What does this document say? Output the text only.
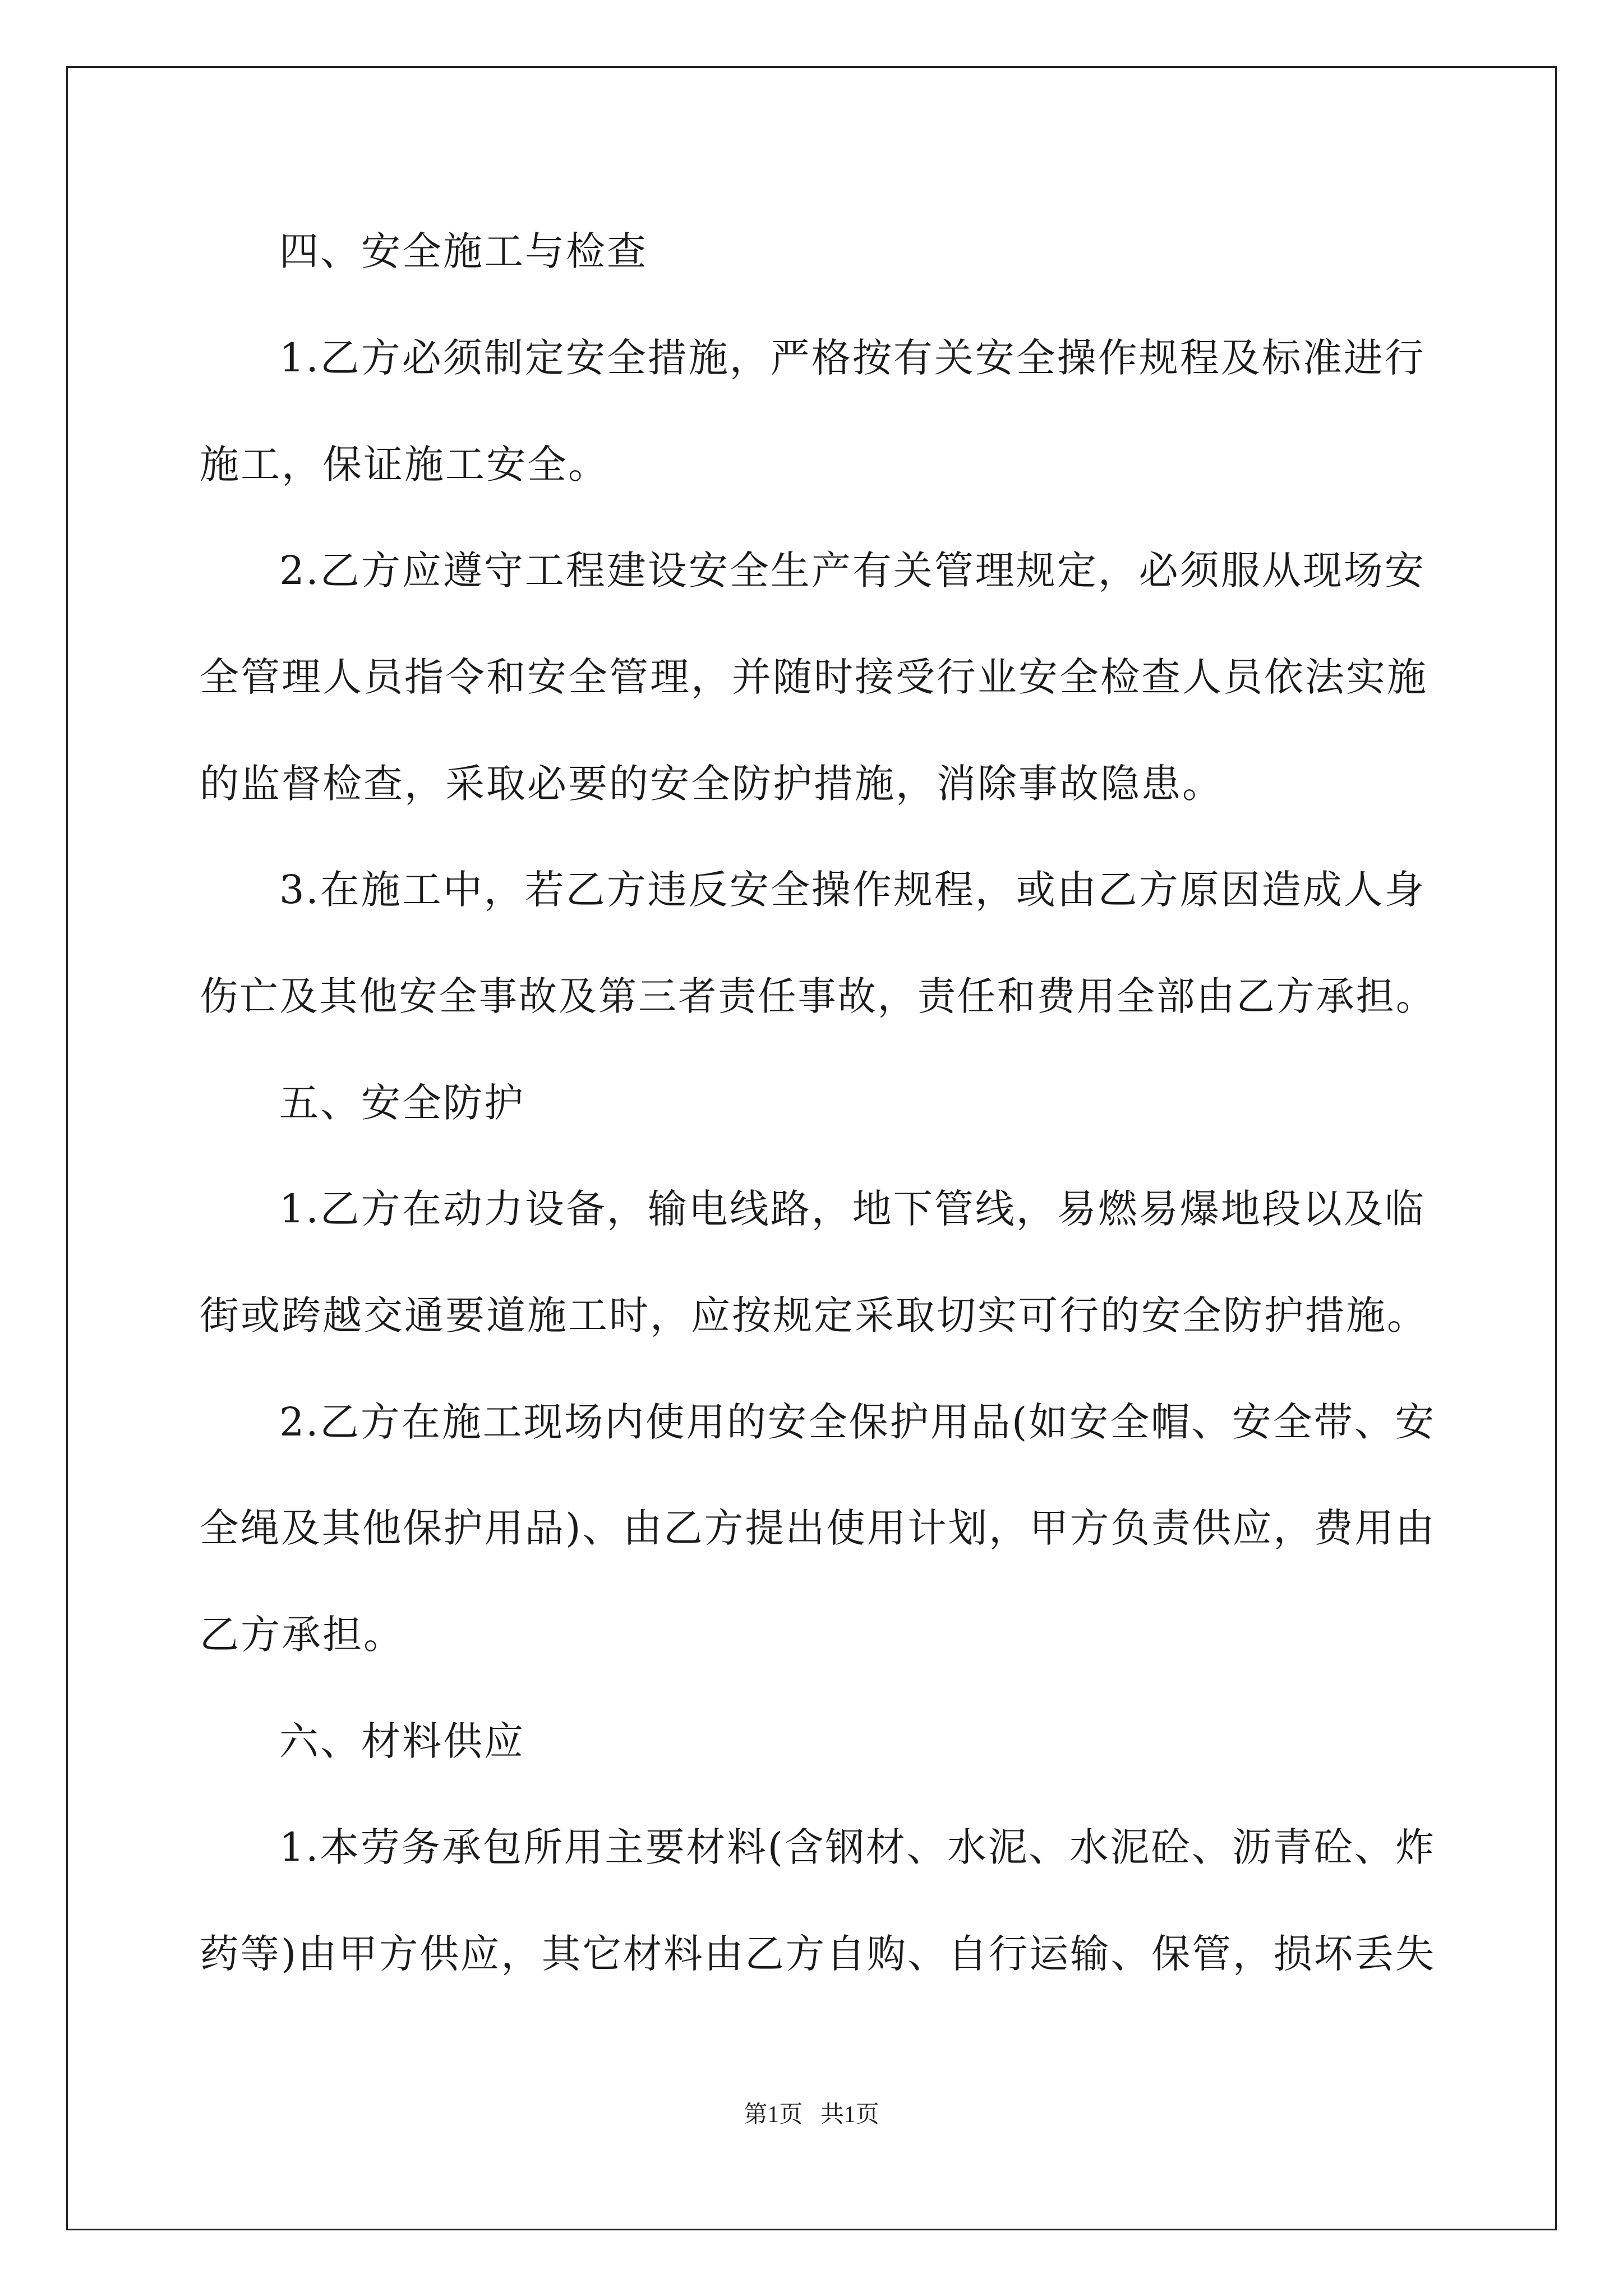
四、安全施工与检查
1.乙方必须制定安全措施，严格按有关安全操作规程及标准进行
施工，保证施工安全。
2.乙方应遵守工程建设安全生产有关管理规定，必须服从现场安
全管理人员指令和安全管理，并随时接受行业安全检查人员依法实施
的监督检查，采取必要的安全防护措施，消除事故隐患。
3.在施工中，若乙方违反安全操作规程，或由乙方原因造成人身
伤亡及其他安全事故及第三者责任事故，责任和费用全部由乙方承担。
五、安全防护
1.乙方在动力设备，输电线路，地下管线，易燃易爆地段以及临
街或跨越交通要道施工时，应按规定采取切实可行的安全防护措施。
2.乙方在施工现场内使用的安全保护用品(如安全帽、安全带、安
全绳及其他保护用品)、由乙方提出使用计划，甲方负责供应，费用由
乙方承担。
六、材料供应
1.本劳务承包所用主要材料(含钢材、水泥、水泥砼、沥青砼、炸
药等)由甲方供应，其它材料由乙方自购、自行运输、保管，损坏丢失
第1页   共1页
